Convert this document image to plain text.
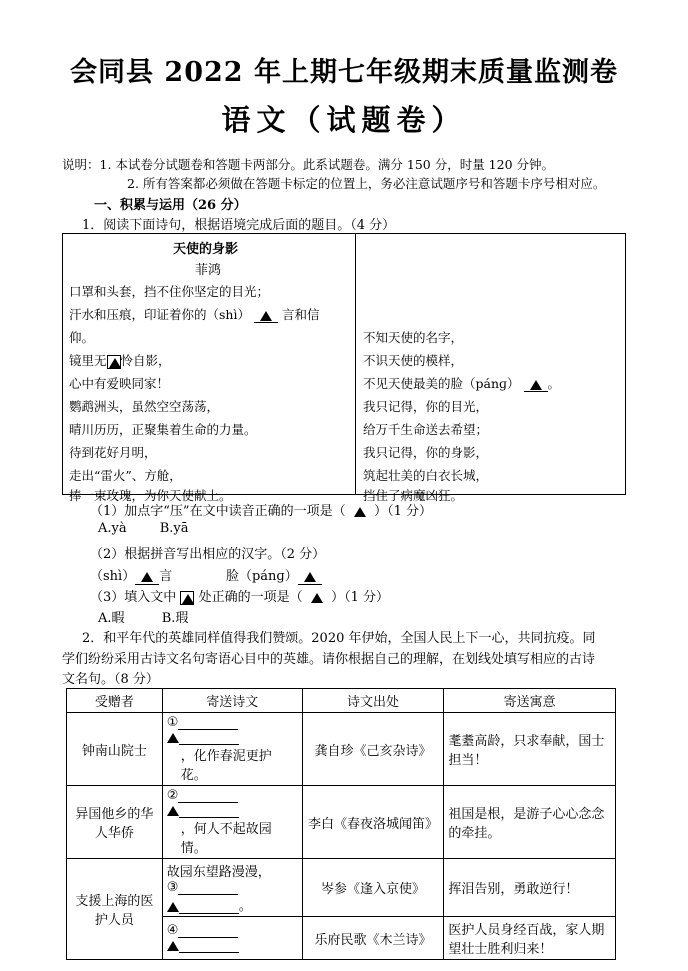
会同县 2022 年上期七年级期末质量监测卷
语文（试题卷）
说明：1. 本试卷分试题卷和答题卡两部分。此系试题卷。满分 150 分，时量 120 分钟。
2. 所有答案都必须做在答题卡标定的位置上，务必注意试题序号和答题卡序号相对应。
一、积累与运用（26 分）
1．阅读下面诗句，根据语境完成后面的题目。（4 分）
天使的身影
菲鸿
口罩和头套，挡不住你坚定的目光；
汗水和压痕，印证着你的（shì）	言和信
仰。
镜里无 怜自影，
心中有爱映同家！
鹦鹉洲头，虽然空空荡荡，
晴川历历，正聚集着生命的力量。
待到花好月明，
走出“雷火”、方舱，
捧一束玫瑰，为你天使献上。
不知天使的名字，
不识天使的模样，
不见天使最美的脸（pánɡ） 。
我只记得，你的目光，
给万千生命送去希望；
我只记得，你的身影，
筑起壮美的白衣长城，
挡住了病魔凶狂。
（1）加点字“压”在文中读音正确的一项是（ ）（1 分）
A.yà	B.yā
（2）根据拼音写出相应的汉字。（2 分）
（shì） 言	脸（pánɡ）
（3）填入文中 处正确的一项是（ ）（1 分）
A.暇	B.瑕
2．和平年代的英雄同样值得我们赞颂。2020 年伊始，全国人民上下一心，共同抗疫。同
学们纷纷采用古诗文名句寄语心目中的英雄。请你根据自己的理解，在划线处填写相应的古诗
文名句。（8 分）
受赠者	寄送诗文	诗文出处	寄送寓意
钟南山院士	①
，化作春泥更护花。	龚自珍《己亥杂诗》	耄耋高龄，只求奉献，国士担当！
异国他乡的华人华侨	②
，何人不起故园情。	李白《春夜洛城闻笛》	祖国是根，是游子心心念念的牵挂。
支援上海的医护人员	故园东望路漫漫，
③
。	岑参《逢入京使》	挥泪告别，勇敢逆行！

	④	乐府民歌《木兰诗》	医护人员身经百战，家人期望壮士胜利归来！
